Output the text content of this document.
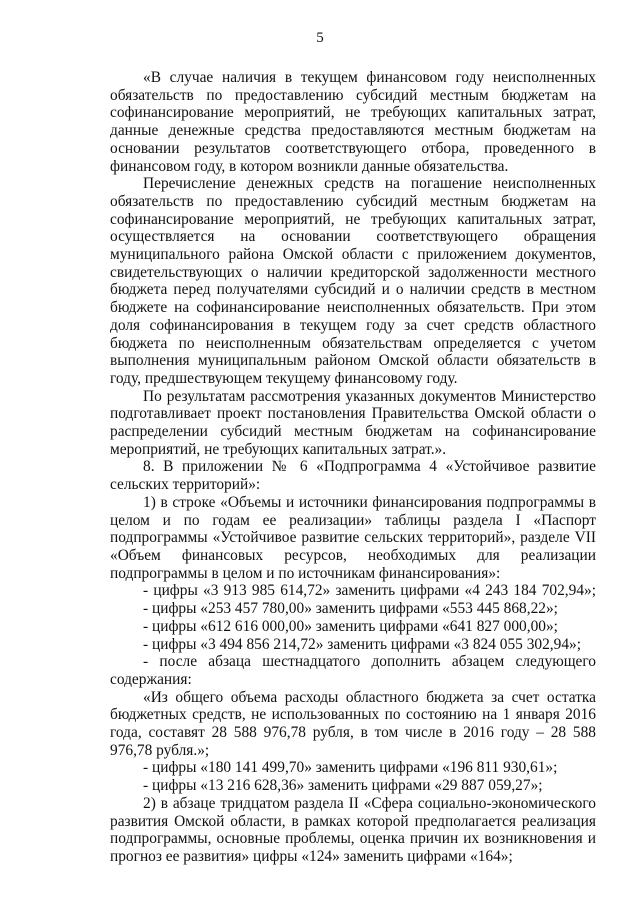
5

«В случае наличия в текущем финансовом году неисполненных обязательств по предоставлению субсидий местным бюджетам на софинансирование мероприятий, не требующих капитальных затрат, данные денежные средства предоставляются местным бюджетам на основании результатов соответствующего отбора, проведенного в финансовом году, в котором возникли данные обязательства.

Перечисление денежных средств на погашение неисполненных обязательств по предоставлению субсидий местным бюджетам на софинансирование мероприятий, не требующих капитальных затрат, осуществляется на основании соответствующего обращения муниципального района Омской области с приложением документов, свидетельствующих о наличии кредиторской задолженности местного бюджета перед получателями субсидий и о наличии средств в местном бюджете на софинансирование неисполненных обязательств. При этом доля софинансирования в текущем году за счет средств областного бюджета по неисполненным обязательствам определяется с учетом выполнения муниципальным районом Омской области обязательств в году, предшествующем текущему финансовому году.

По результатам рассмотрения указанных документов Министерство подготавливает проект постановления Правительства Омской области о распределении субсидий местным бюджетам на софинансирование мероприятий, не требующих капитальных затрат.».

8. В приложении № 6 «Подпрограмма 4 «Устойчивое развитие сельских территорий»:

1) в строке «Объемы и источники финансирования подпрограммы в целом и по годам ее реализации» таблицы раздела I «Паспорт подпрограммы «Устойчивое развитие сельских территорий», разделе VII «Объем финансовых ресурсов, необходимых для реализации подпрограммы в целом и по источникам финансирования»:

- цифры «3 913 985 614,72» заменить цифрами «4 243 184 702,94»;

- цифры «253 457 780,00» заменить цифрами «553 445 868,22»;

- цифры «612 616 000,00» заменить цифрами «641 827 000,00»;

- цифры «3 494 856 214,72» заменить цифрами «3 824 055 302,94»;

- после абзаца шестнадцатого дополнить абзацем следующего содержания:

«Из общего объема расходы областного бюджета за счет остатка бюджетных средств, не использованных по состоянию на 1 января 2016 года, составят 28 588 976,78 рубля, в том числе в 2016 году – 28 588 976,78 рубля.»;

- цифры «180 141 499,70» заменить цифрами «196 811 930,61»;

- цифры «13 216 628,36» заменить цифрами «29 887 059,27»;

2) в абзаце тридцатом раздела II «Сфера социально-экономического развития Омской области, в рамках которой предполагается реализация подпрограммы, основные проблемы, оценка причин их возникновения и прогноз ее развития» цифры «124» заменить цифрами «164»;
